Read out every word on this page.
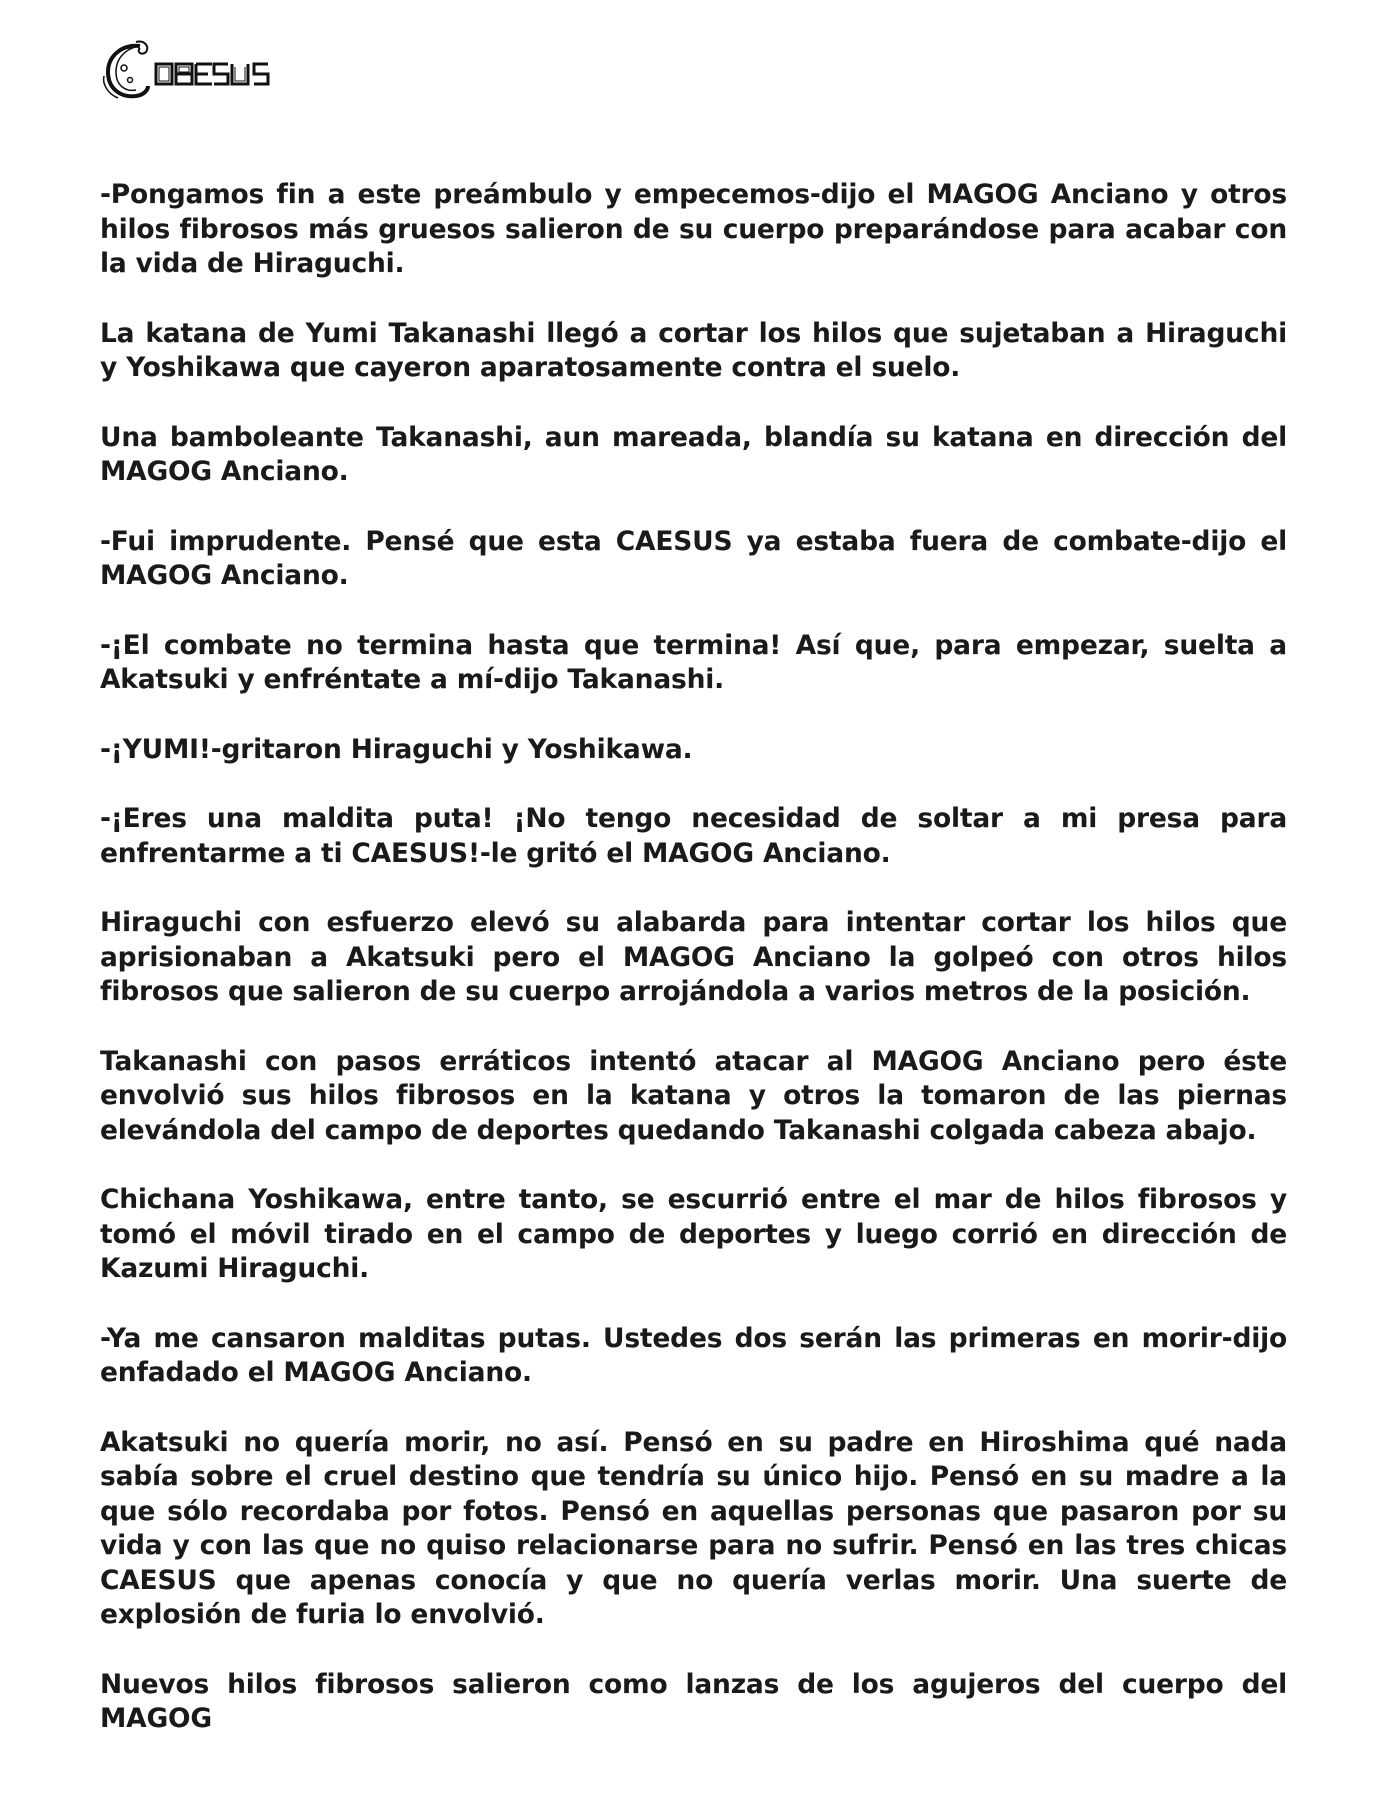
-Pongamos fin a este preámbulo y empecemos-dijo el MAGOG Anciano y otros hilos fibrosos más gruesos salieron de su cuerpo preparándose para acabar con la vida de Hiraguchi.

La katana de Yumi Takanashi llegó a cortar los hilos que sujetaban a Hiraguchi y Yoshikawa que cayeron aparatosamente contra el suelo.

Una bamboleante Takanashi, aun mareada, blandía su katana en dirección del MAGOG Anciano.

-Fui imprudente. Pensé que esta CAESUS ya estaba fuera de combate-dijo el MAGOG Anciano.

-¡El combate no termina hasta que termina! Así que, para empezar, suelta a Akatsuki y enfréntate a mí-dijo Takanashi.

-¡YUMI!-gritaron Hiraguchi y Yoshikawa.

-¡Eres una maldita puta! ¡No tengo necesidad de soltar a mi presa para enfrentarme a ti CAESUS!-le gritó el MAGOG Anciano.

Hiraguchi con esfuerzo elevó su alabarda para intentar cortar los hilos que aprisionaban a Akatsuki pero el MAGOG Anciano la golpeó con otros hilos fibrosos que salieron de su cuerpo arrojándola a varios metros de la posición.

Takanashi con pasos erráticos intentó atacar al MAGOG Anciano pero éste envolvió sus hilos fibrosos en la katana y otros la tomaron de las piernas elevándola del campo de deportes quedando Takanashi colgada cabeza abajo.

Chichana Yoshikawa, entre tanto, se escurrió entre el mar de hilos fibrosos y tomó el móvil tirado en el campo de deportes y luego corrió en dirección de Kazumi Hiraguchi.

-Ya me cansaron malditas putas. Ustedes dos serán las primeras en morir-dijo enfadado el MAGOG Anciano.

Akatsuki no quería morir, no así. Pensó en su padre en Hiroshima qué nada sabía sobre el cruel destino que tendría su único hijo. Pensó en su madre a la que sólo recordaba por fotos. Pensó en aquellas personas que pasaron por su vida y con las que no quiso relacionarse para no sufrir. Pensó en las tres chicas CAESUS que apenas conocía y que no quería verlas morir. Una suerte de explosión de furia lo envolvió.

Nuevos hilos fibrosos salieron como lanzas de los agujeros del cuerpo del MAGOG
